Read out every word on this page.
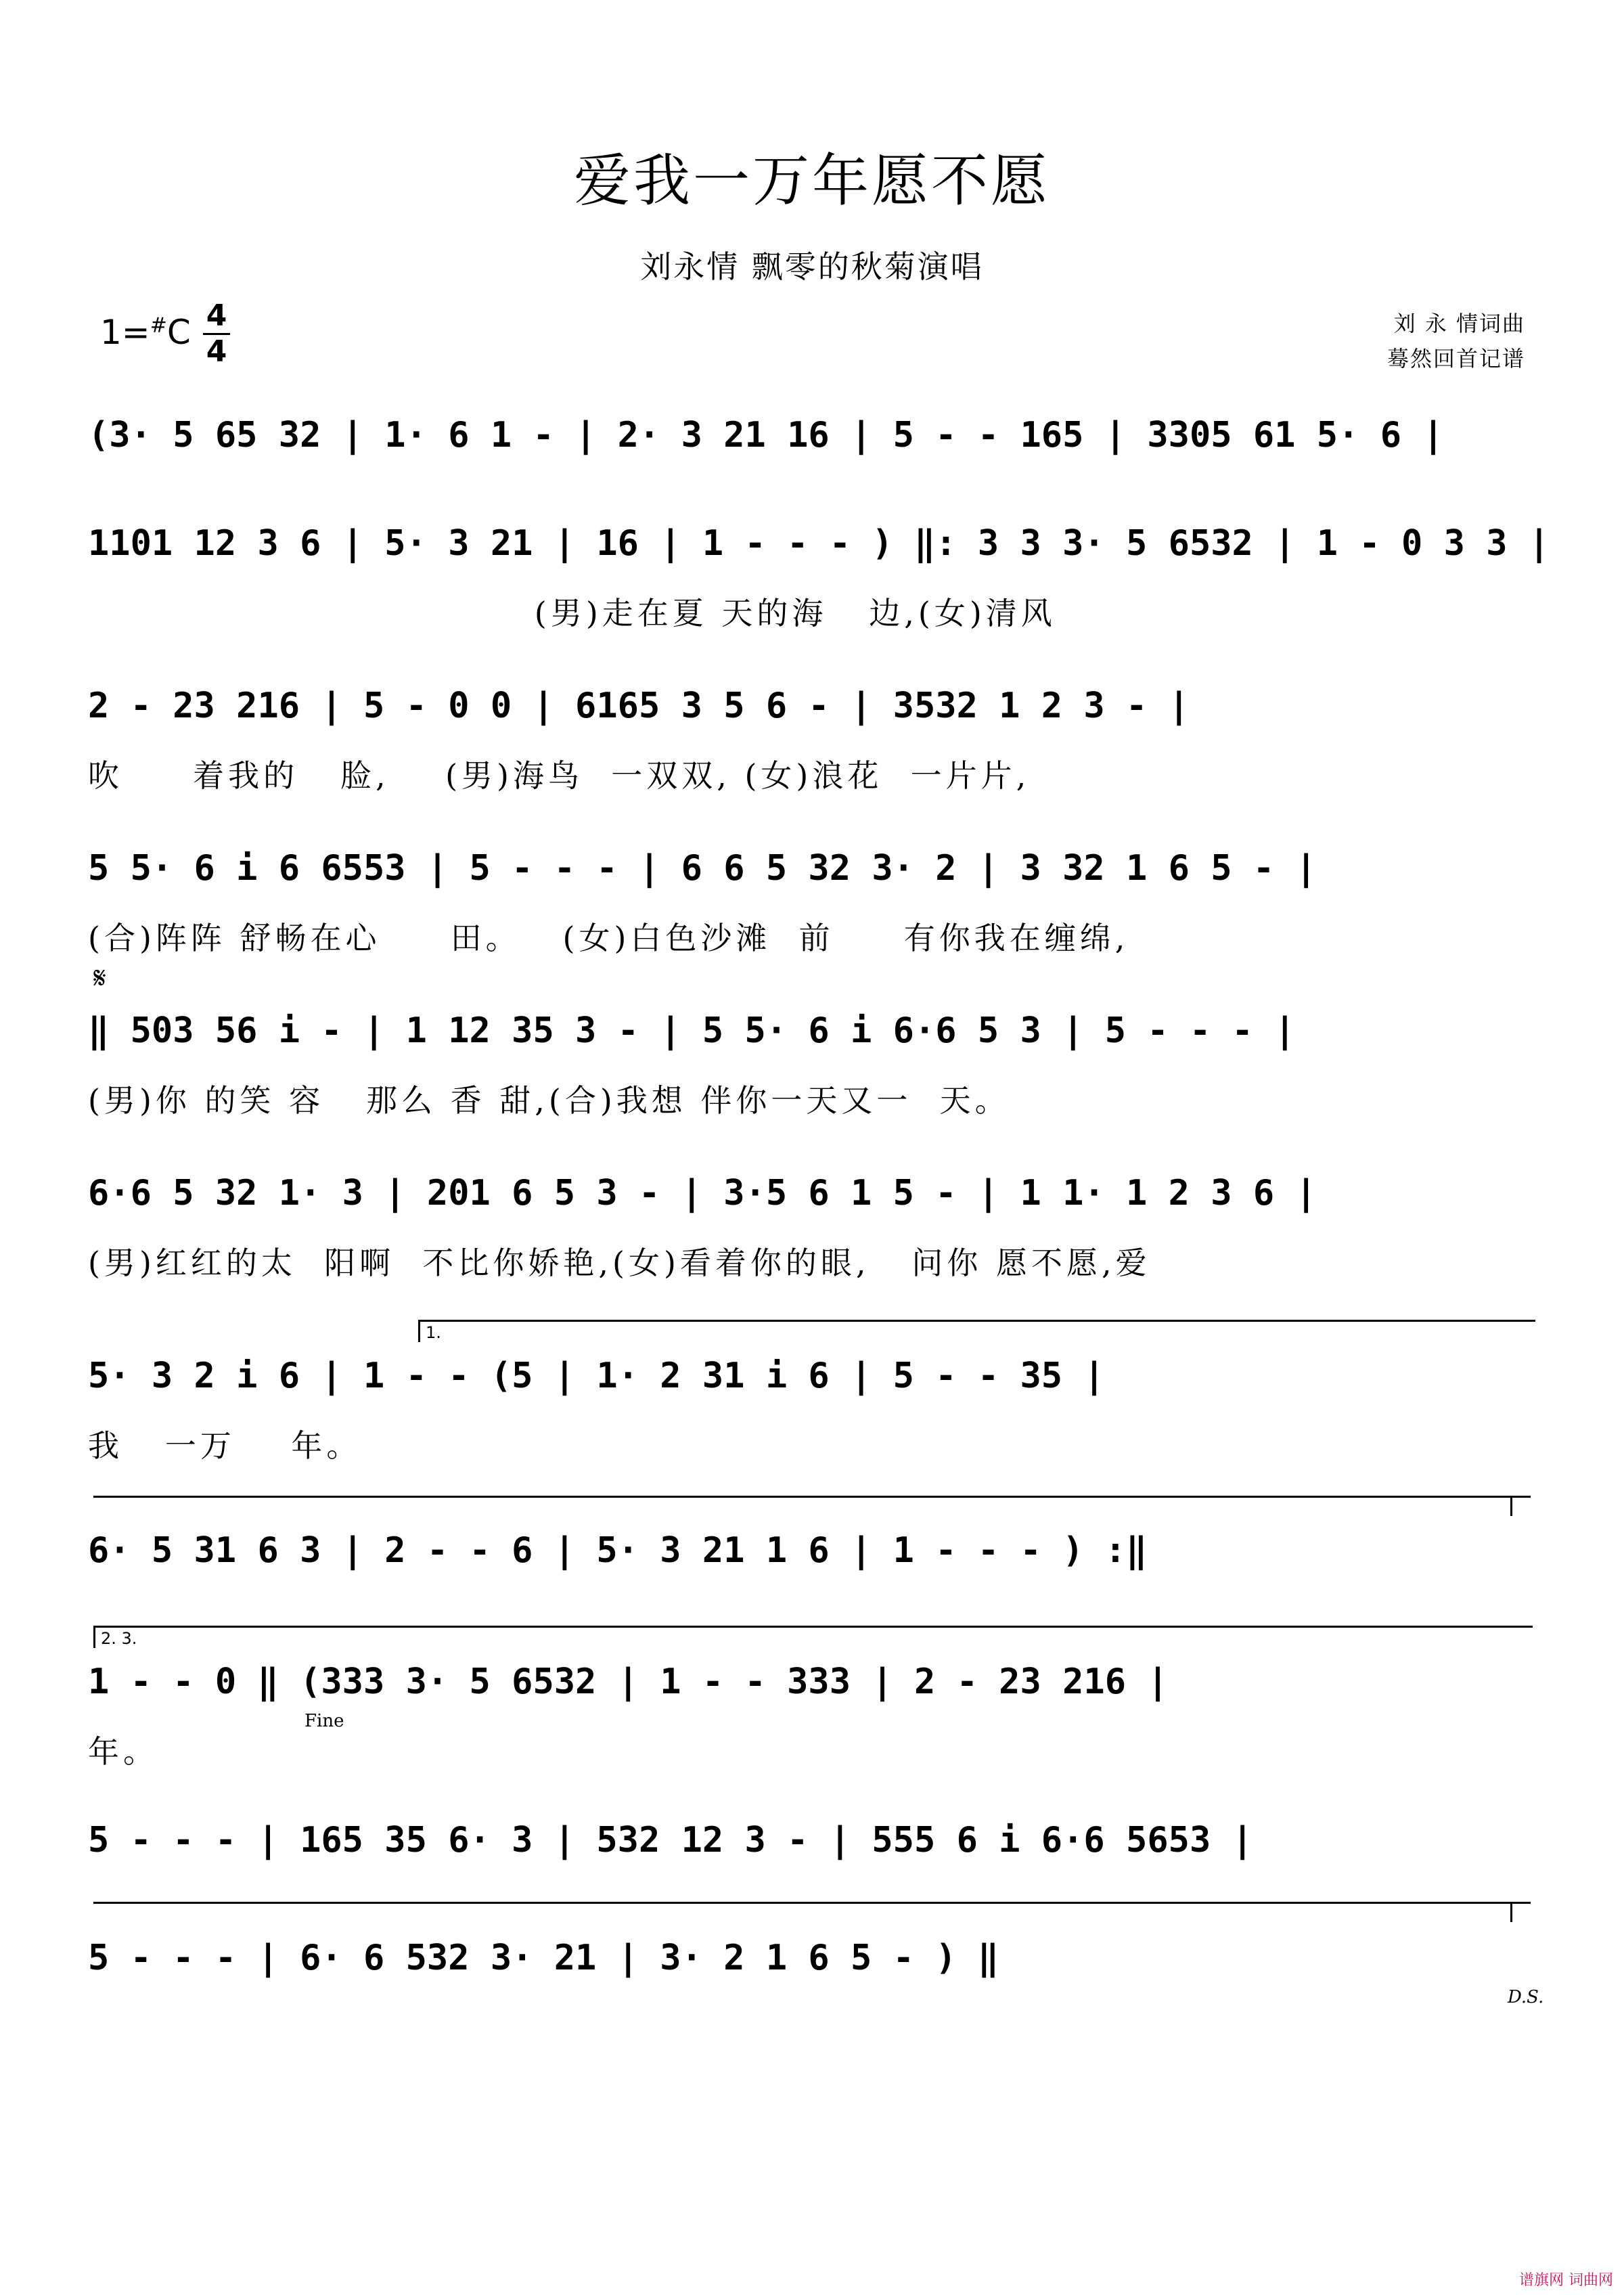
爱我一万年愿不愿
刘永情 飘零的秋菊演唱
1=#C 4
4
刘 永 情词曲
蓦然回首记谱
(3· 5 65 32 | 1· 6 1 - | 2· 3 21 16 | 5 - - 165 | 3305 61 5· 6 |
1101 12 3 6 | 5· 3 21 | 16 | 1 - - - ) ‖: 3 3 3· 5 6532 | 1 - 0 3 3 |
(男)走在夏 天的海   边,(女)清风
2 - 23 216 | 5 - 0 0 | 6165 3 5 6 - | 3532 1 2 3 - |
吹     着我的   脸,    (男)海鸟  一双双, (女)浪花  一片片,
5 5· 6 i 6 6553 | 5 - - - | 6 6 5 32 3· 2 | 3 32 1 6 5 - |
(合)阵阵 舒畅在心     田。   (女)白色沙滩  前     有你我在缠绵,
𝄋
‖ 503 56 i - | 1 12 35 3 - | 5 5· 6 i 6·6 5 3 | 5 - - - |
(男)你 的笑 容   那么 香 甜,(合)我想 伴你一天又一  天。
6·6 5 32 1· 3 | 201 6 5 3 - | 3·5 6 1 5 - | 1 1· 1 2 3 6 |
(男)红红的太  阳啊  不比你娇艳,(女)看着你的眼,   问你 愿不愿,爱
1.
5· 3 2 i 6 | 1 - - (5 | 1· 2 31 i 6 | 5 - - 35 |
我   一万    年。
6· 5 31 6 3 | 2 - - 6 | 5· 3 21 1 6 | 1 - - - ) :‖
2. 3.
1 - - 0 ‖ (333 3· 5 6532 | 1 - - 333 | 2 - 23 216 |
年。
Fine
5 - - - | 165 35 6· 3 | 532 12 3 - | 555 6 i 6·6 5653 |
5 - - - | 6· 6 532 3· 21 | 3· 2 1 6 5 - ) ‖
D.S.
谱旗网 词曲网
